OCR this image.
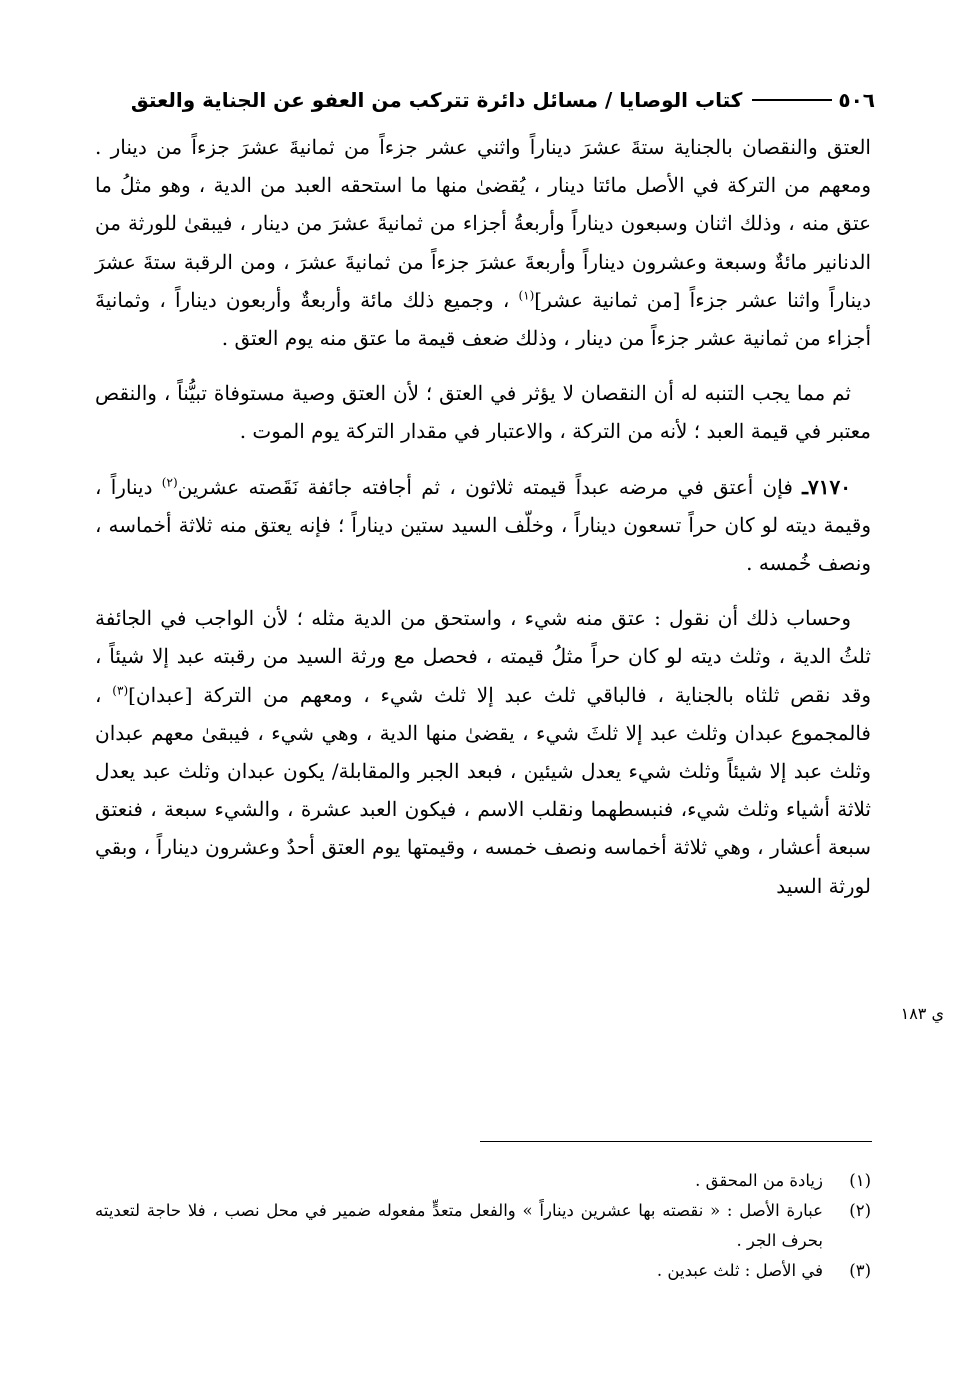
٥٠٦
كتاب الوصايا / مسائل دائرة تتركب من العفو عن الجناية والعتق

العتق والنقصان بالجناية ستةَ عشرَ ديناراً واثني عشر جزءاً من ثمانيةَ عشرَ جزءاً من دينار . ومعهم من التركة في الأصل مائتا دينار ، يُقضىٰ منها ما استحقه العبد من الدية ، وهو مثلُ ما عتق منه ، وذلك اثنان وسبعون ديناراً وأربعةُ أجزاء من ثمانيةَ عشرَ من دينار ، فيبقىٰ للورثة من الدنانير مائةٌ وسبعة وعشرون ديناراً وأربعةَ عشرَ جزءاً من ثمانيةَ عشرَ ، ومن الرقبة ستةَ عشرَ ديناراً واثنا عشر جزءاً [من ثمانية عشر]$^{(١)}$ ، وجميع ذلك مائة وأربعةٌ وأربعون ديناراً ، وثمانيةَ أجزاء من ثمانية عشر جزءاً من دينار ، وذلك ضعف قيمة ما عتق منه يوم العتق .

 ثم مما يجب التنبه له أن النقصان لا يؤثر في العتق ؛ لأن العتق وصية مستوفاة تبيُّناً ، والنقص معتبر في قيمة العبد ؛ لأنه من التركة ، والاعتبار في مقدار التركة يوم الموت .

 ٧١٧٠ـ فإن أعتق في مرضه عبداً قيمته ثلاثون ، ثم أجافته جائفة نَقَصته عشرين$^{(٢)}$ ديناراً ، وقيمة ديته لو كان حراً تسعون ديناراً ، وخلّف السيد ستين ديناراً ؛ فإنه يعتق منه ثلاثة أخماسه ، ونصف خُمسه .

 وحساب ذلك أن نقول : عتق منه شيء ، واستحق من الدية مثله ؛ لأن الواجب في الجائفة ثلثُ الدية ، وثلث ديته لو كان حراً مثلُ قيمته ، فحصل مع ورثة السيد من رقبته عبد إلا شيئاً ، وقد نقص ثلثاه بالجناية ، فالباقي ثلث عبد إلا ثلث شيء ، ومعهم من التركة [عبدان]$^{(٣)}$ ، فالمجموع عبدان وثلث عبد إلا ثلثَ شيء ، يقضىٰ منها الدية ، وهي شيء ، فيبقىٰ معهم عبدان وثلث عبد إلا شيئاً وثلث شيء يعدل شيئين ، فبعد الجبر والمقابلة/ يكون عبدان وثلث عبد يعدل ثلاثة أشياء وثلث شيء، فنبسطهما ونقلب الاسم ، فيكون العبد عشرة ، والشيء سبعة ، فنعتق سبعة أعشار ، وهي ثلاثة أخماسه ونصف خمسه ، وقيمتها يوم العتق أحدٌ وعشرون ديناراً ، وبقي لورثة السيد

ي ١٨٣
(١)
زيادة من المحقق .
(٢)
عبارة الأصل : « نقصته بها عشرين ديناراً » والفعل متعدٍّ مفعوله ضمير في محل نصب ، فلا حاجة لتعديته بحرف الجر .
(٣)
في الأصل : ثلث عبدين .
